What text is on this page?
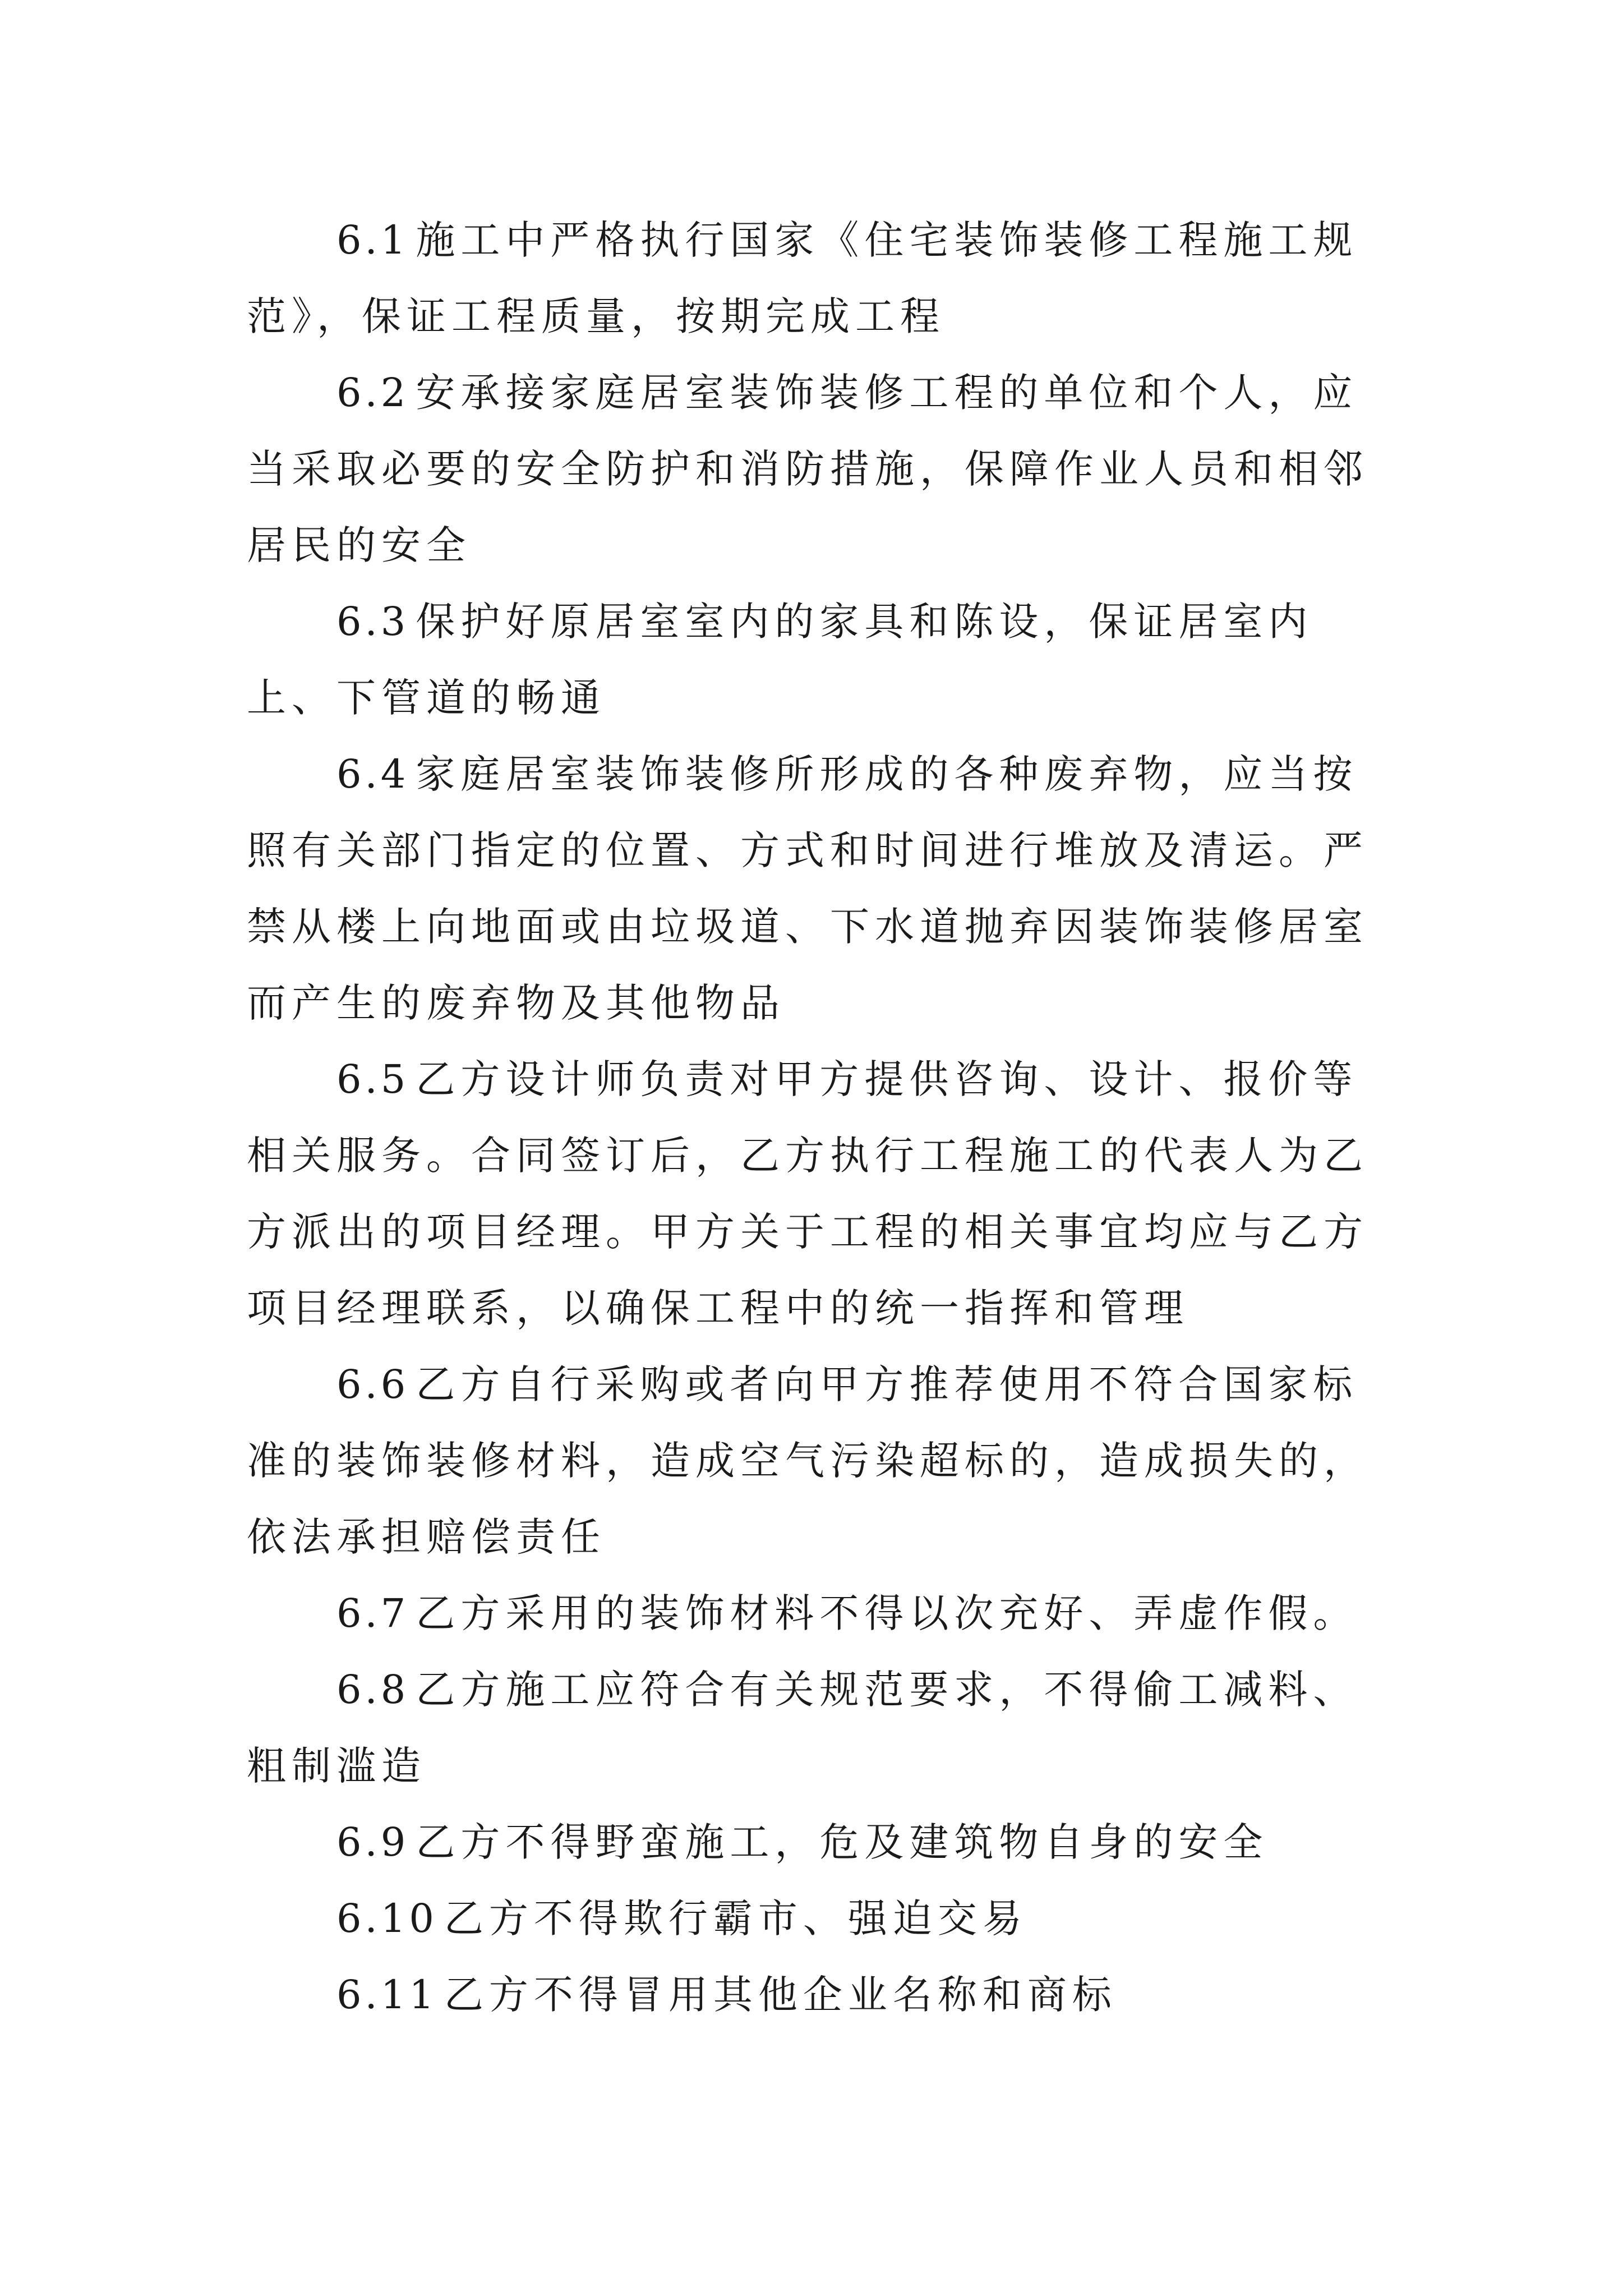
6.1 施工中严格执行国家《住宅装饰装修工程施工规范》，保证工程质量，按期完成工程

6.2 安承接家庭居室装饰装修工程的单位和个人，应当采取必要的安全防护和消防措施，保障作业人员和相邻居民的安全

6.3 保护好原居室室内的家具和陈设，保证居室内上、下管道的畅通

6.4 家庭居室装饰装修所形成的各种废弃物，应当按照有关部门指定的位置、方式和时间进行堆放及清运。严禁从楼上向地面或由垃圾道、下水道抛弃因装饰装修居室而产生的废弃物及其他物品

6.5 乙方设计师负责对甲方提供咨询、设计、报价等相关服务。合同签订后，乙方执行工程施工的代表人为乙方派出的项目经理。甲方关于工程的相关事宜均应与乙方项目经理联系，以确保工程中的统一指挥和管理

6.6 乙方自行采购或者向甲方推荐使用不符合国家标准的装饰装修材料，造成空气污染超标的，造成损失的，依法承担赔偿责任

6.7 乙方采用的装饰材料不得以次充好、弄虚作假。

6.8 乙方施工应符合有关规范要求，不得偷工减料、粗制滥造

6.9 乙方不得野蛮施工，危及建筑物自身的安全

6.10 乙方不得欺行霸市、强迫交易

6.11 乙方不得冒用其他企业名称和商标
